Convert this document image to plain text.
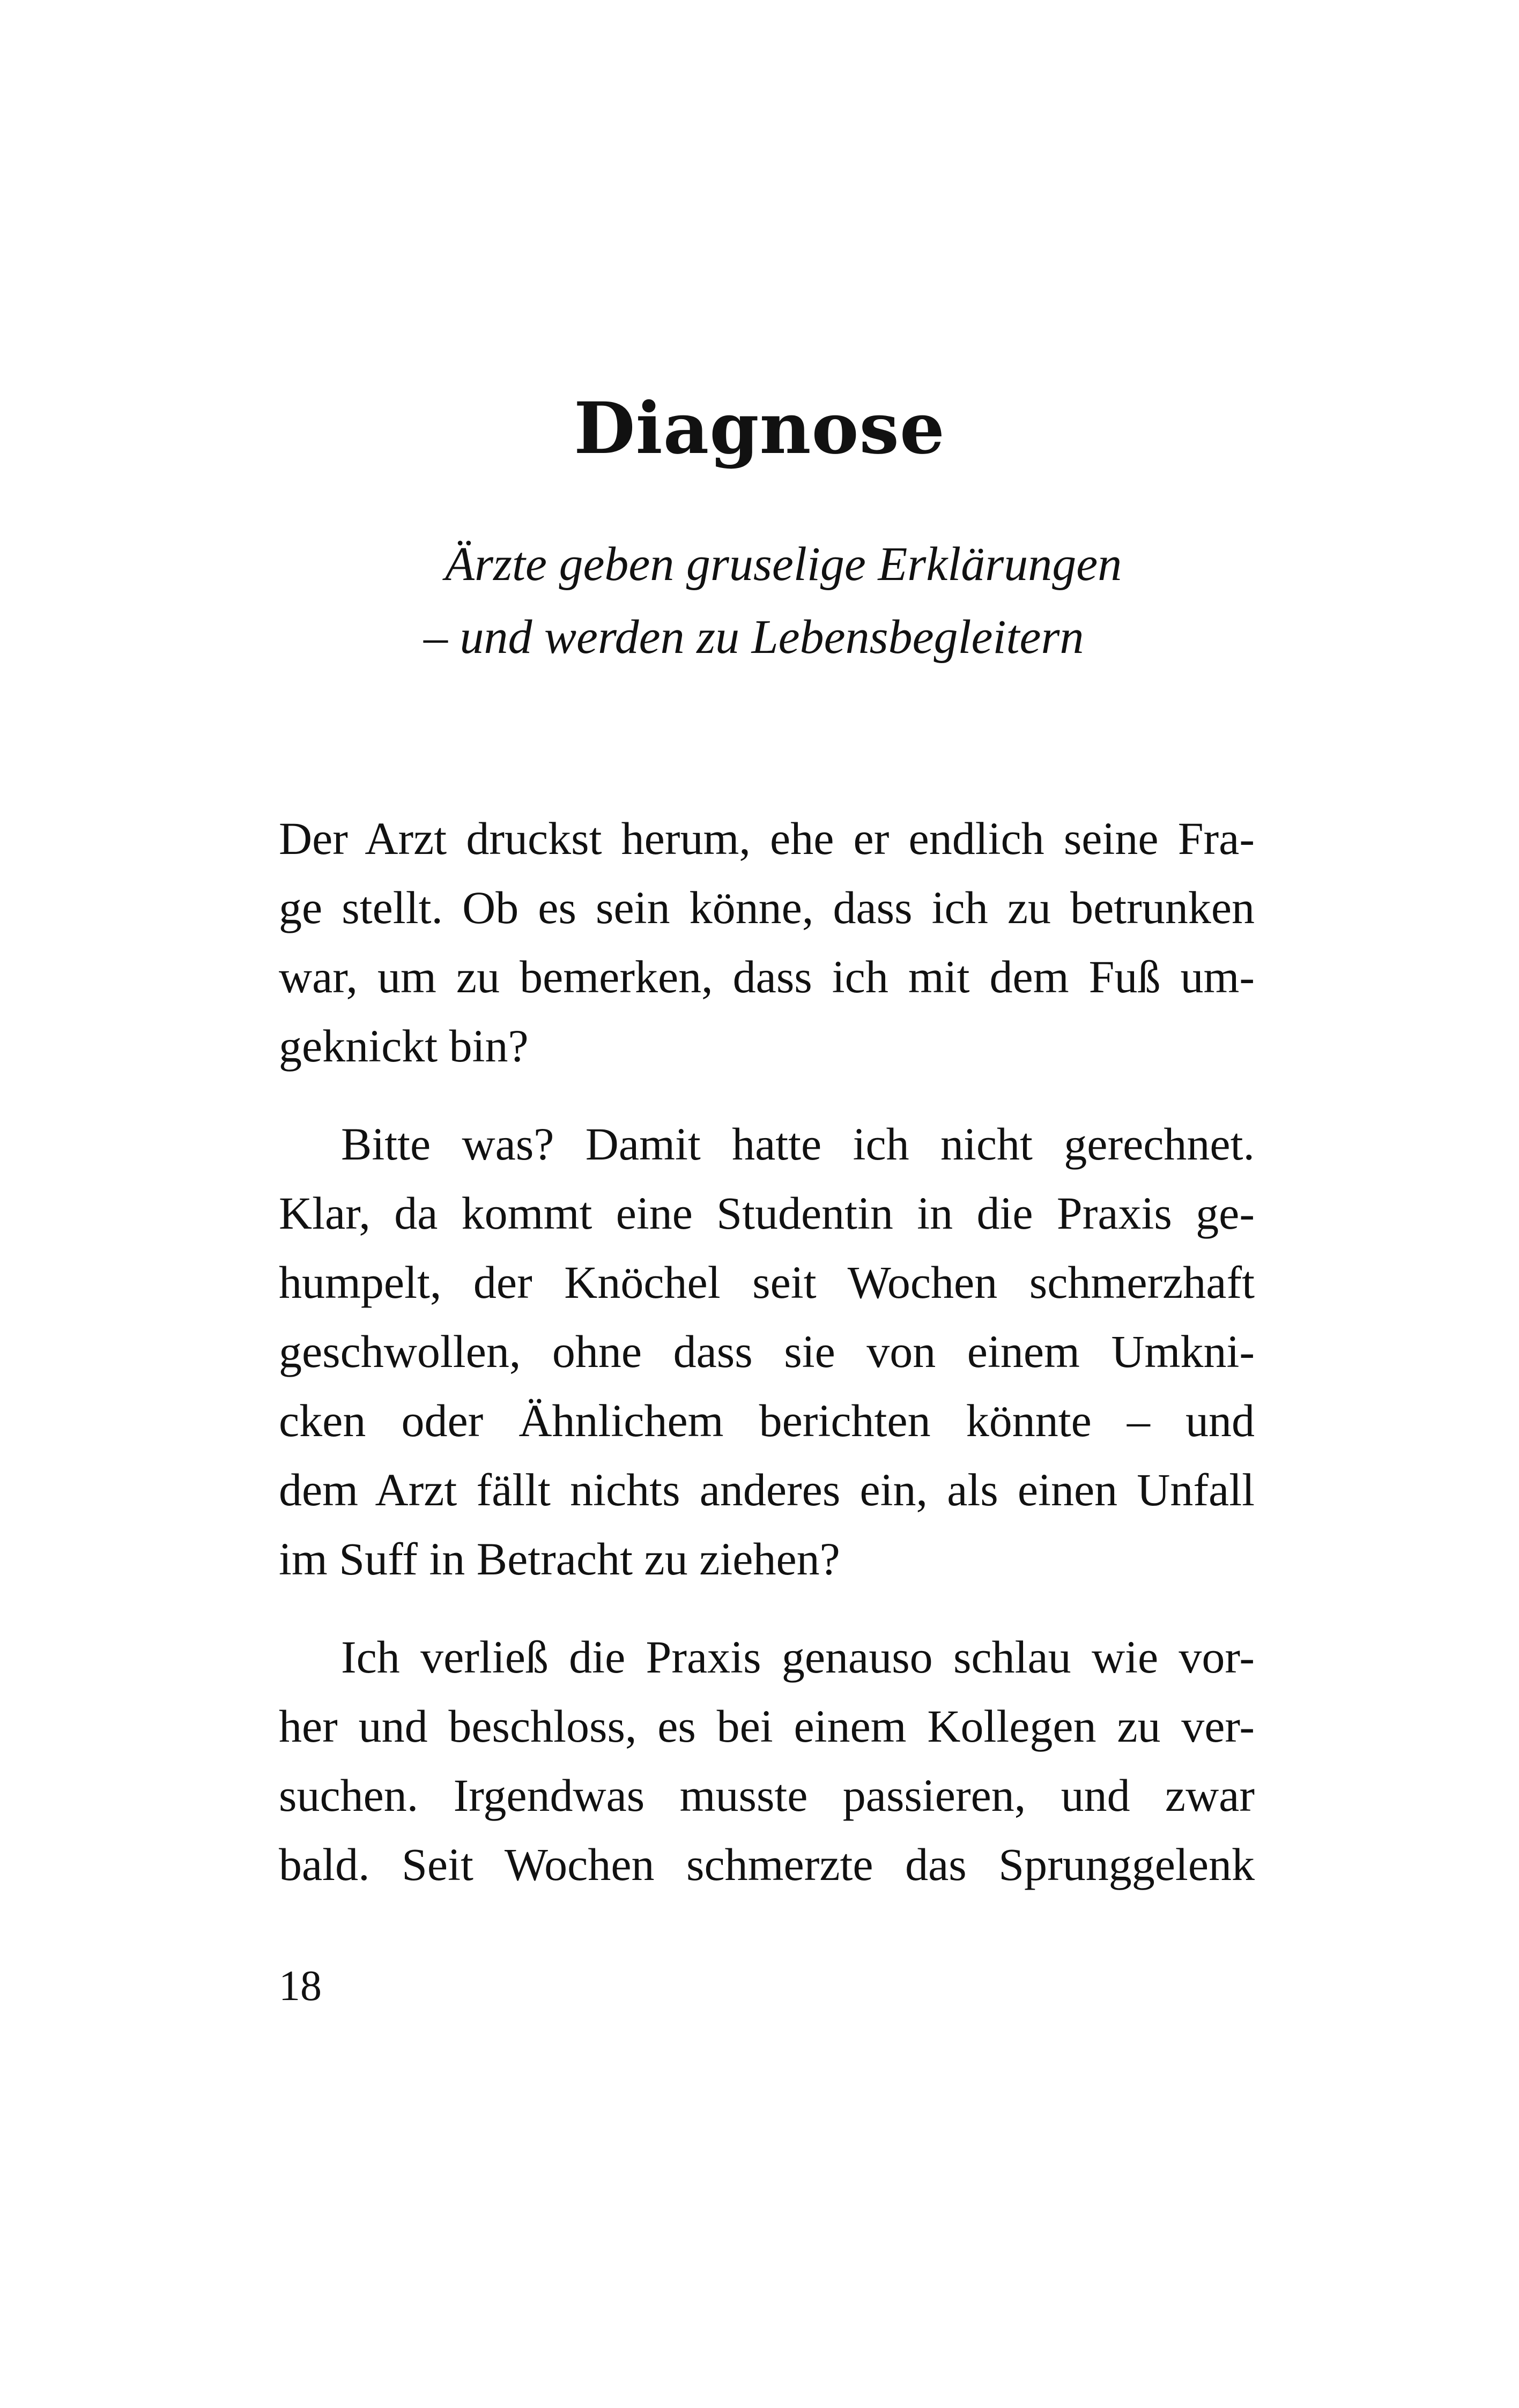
Diagnose
Ärzte geben gruselige Erklärungen
– und werden zu Lebensbegleitern

Der Arzt druckst herum, ehe er endlich seine Fra-
ge stellt. Ob es sein könne, dass ich zu betrunken
war, um zu bemerken, dass ich mit dem Fuß um-
geknickt bin?

Bitte was? Damit hatte ich nicht gerechnet.
Klar, da kommt eine Studentin in die Praxis ge-
humpelt, der Knöchel seit Wochen schmerzhaft
geschwollen, ohne dass sie von einem Umkni-
cken oder Ähnlichem berichten könnte – und
dem Arzt fällt nichts anderes ein, als einen Unfall
im Suff in Betracht zu ziehen?

Ich verließ die Praxis genauso schlau wie vor-
her und beschloss, es bei einem Kollegen zu ver-
suchen. Irgendwas musste passieren, und zwar
bald. Seit Wochen schmerzte das Sprunggelenk

18
